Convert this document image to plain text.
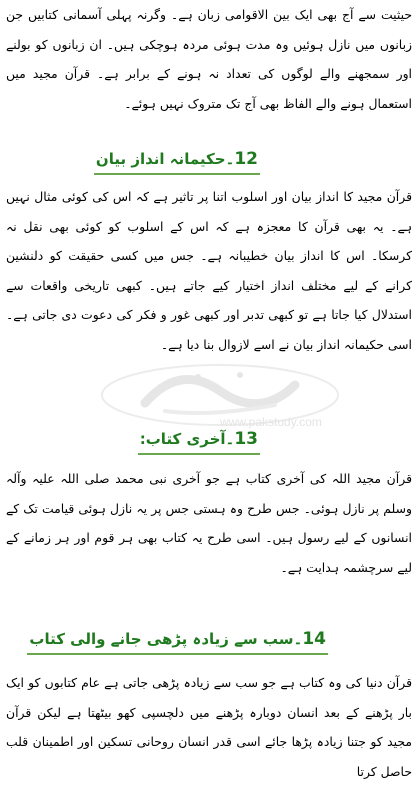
www.pakstudy.com

حیثیت سے آج بھی ایک بین الاقوامی زبان ہے۔ وگرنہ پہلی آسمانی کتابیں جن زبانوں میں نازل ہوئیں وہ مدت ہوئی مردہ ہوچکی ہیں۔ ان زبانوں کو بولنے اور سمجھنے والے لوگوں کی تعداد نہ ہونے کے برابر ہے۔ قرآن مجید میں استعمال ہونے والے الفاظ بھی آج تک متروک نہیں ہوئے۔

12۔حکیمانہ انداز بیان

قرآن مجید کا انداز بیان اور اسلوب اتنا پر تاثیر ہے کہ اس کی کوئی مثال نہیں ہے۔ یہ بھی قرآن کا معجزہ ہے کہ اس کے اسلوب کو کوئی بھی نقل نہ کرسکا۔ اس کا انداز بیان خطیبانہ ہے۔ جس میں کسی حقیقت کو دلنشین کرانے کے لیے مختلف انداز اختیار کیے جاتے ہیں۔ کبھی تاریخی واقعات سے استدلال کیا جاتا ہے تو کبھی تدبر اور کبھی غور و فکر کی دعوت دی جاتی ہے۔ اسی حکیمانہ انداز بیان نے اسے لازوال بنا دیا ہے۔

13۔آخری کتاب:

قرآن مجید اللہ کی آخری کتاب ہے جو آخری نبی محمد صلی اللہ علیہ وآلہ وسلم پر نازل ہوئی۔ جس طرح وہ ہستی جس پر یہ نازل ہوئی قیامت تک کے انسانوں کے لیے رسول ہیں۔ اسی طرح یہ کتاب بھی ہر قوم اور ہر زمانے کے لیے سرچشمہ ہدایت ہے۔

14۔سب سے زیادہ پڑھی جانے والی کتاب

قرآن دنیا کی وہ کتاب ہے جو سب سے زیادہ پڑھی جاتی ہے عام کتابوں کو ایک بار پڑھنے کے بعد انسان دوبارہ پڑھنے میں دلچسپی کھو بیٹھتا ہے لیکن قرآن مجید کو جتنا زیادہ پڑھا جائے اسی قدر انسان روحانی تسکین اور اطمینان قلب حاصل کرتا
